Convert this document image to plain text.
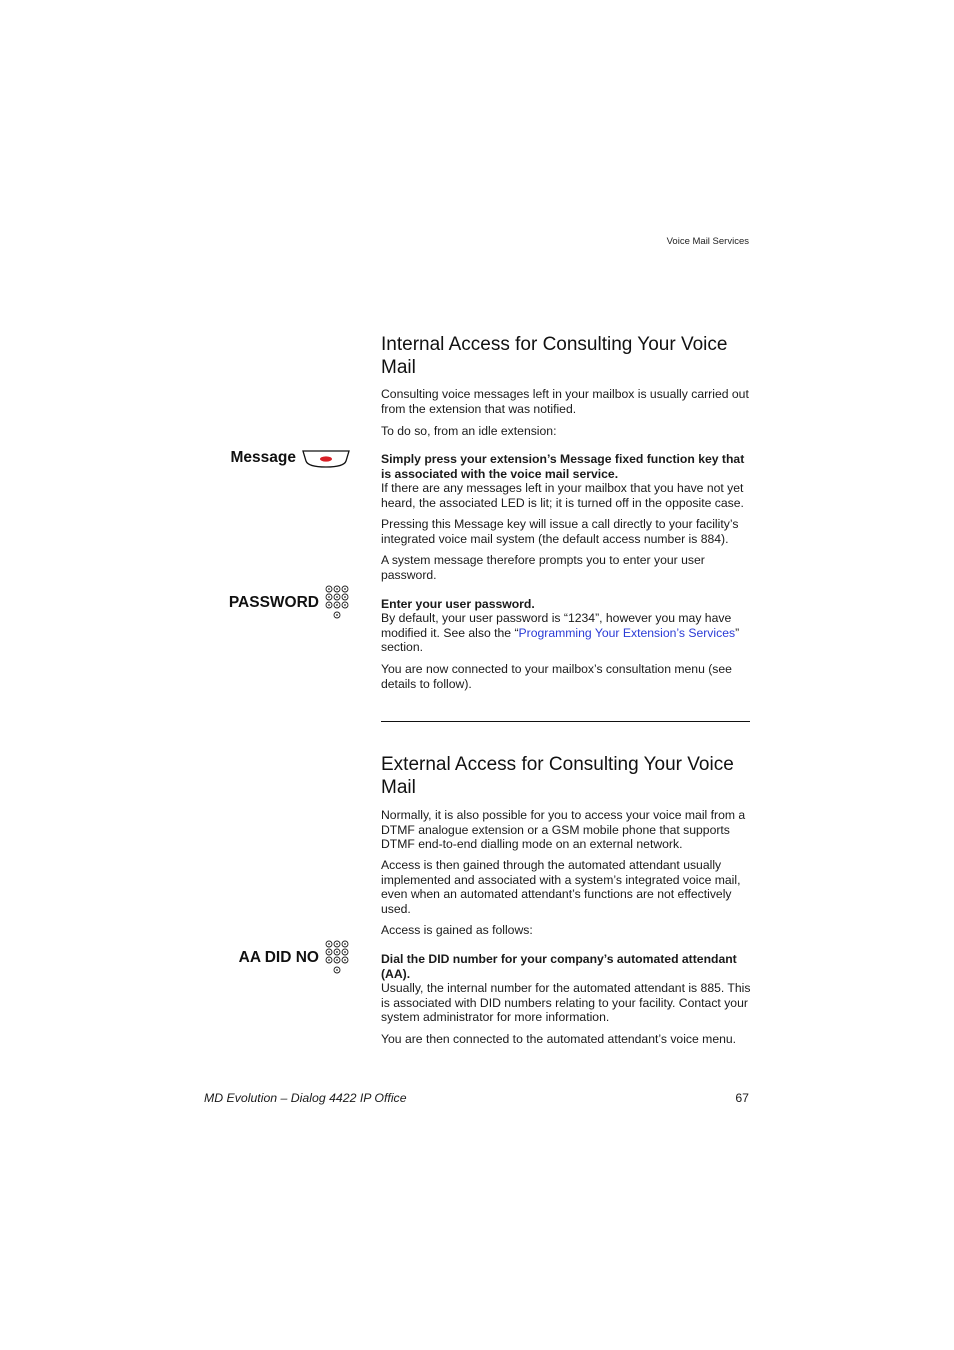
Voice Mail Services
Internal Access for Consulting Your Voice Mail

Consulting voice messages left in your mailbox is usually carried out from the extension that was notified.

To do so, from an idle extension:

Message	Simply press your extension’s Message fixed function key that is associated with the voice mail service.

If there are any messages left in your mailbox that you have not yet heard, the associated LED is lit; it is turned off in the opposite case.

Pressing this Message key will issue a call directly to your facility’s integrated voice mail system (the default access number is 884).

A system message therefore prompts you to enter your user password.

PASSWORD	Enter your user password.

By default, your user password is “1234”, however you may have modified it. See also the “Programming Your Extension’s Services” section.

You are now connected to your mailbox’s consultation menu (see details to follow).

External Access for Consulting Your Voice Mail

Normally, it is also possible for you to access your voice mail from a DTMF analogue extension or a GSM mobile phone that supports DTMF end-to-end dialling mode on an external network.

Access is then gained through the automated attendant usually implemented and associated with a system’s integrated voice mail, even when an automated attendant’s functions are not effectively used.

Access is gained as follows:

AA DID NO	Dial the DID number for your company’s automated attendant (AA).

Usually, the internal number for the automated attendant is 885. This is associated with DID numbers relating to your facility. Contact your system administrator for more information.

You are then connected to the automated attendant’s voice menu.

MD Evolution – Dialog 4422 IP Office	67
